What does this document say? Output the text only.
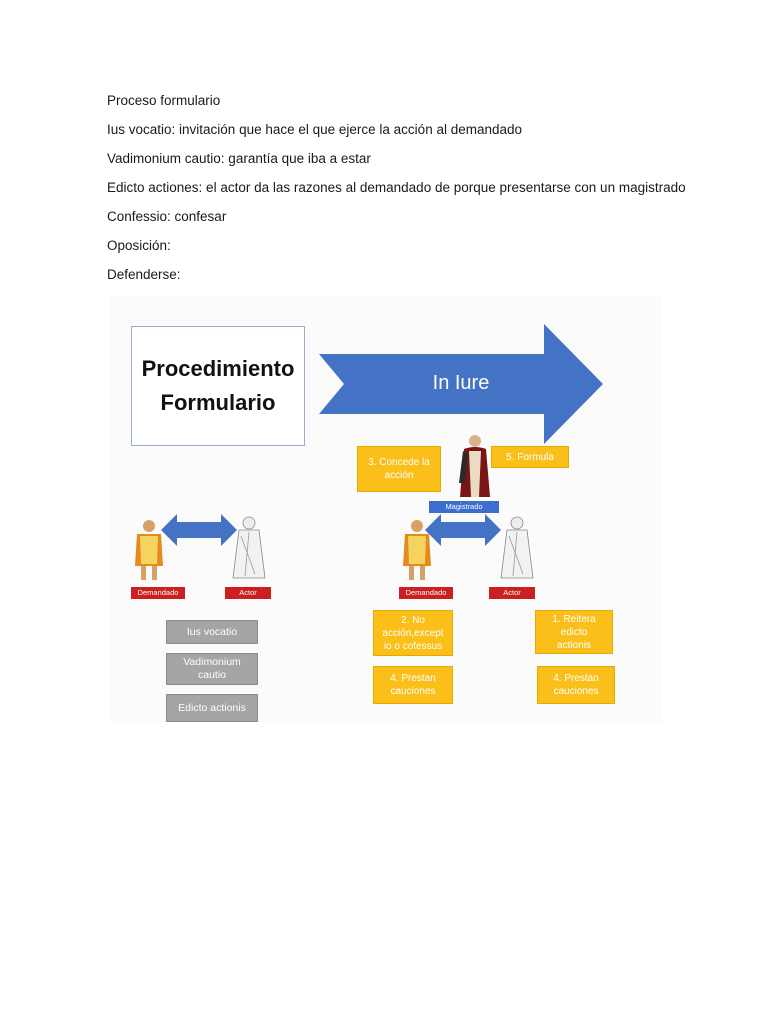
Proceso formulario
Ius vocatio: invitación que hace el que ejerce la acción al demandado
Vadimonium cautio: garantía que iba a estar
Edicto actiones: el actor da las razones al demandado de porque presentarse con un magistrado
Confessio: confesar
Oposición:
Defenderse:
Procedimiento
Formulario
In Iure
Magistrado
3. Concede la
acción
5. Formula
Demandado	Actor
Ius vocatio
Vadimonium
cautio
Edicto actionis
Demandado	Actor
2. No
acción,except
io o cofessus
1. Reitera
edicto
actionis
4. Prestan
cauciones
4. Prestan
cauciones
